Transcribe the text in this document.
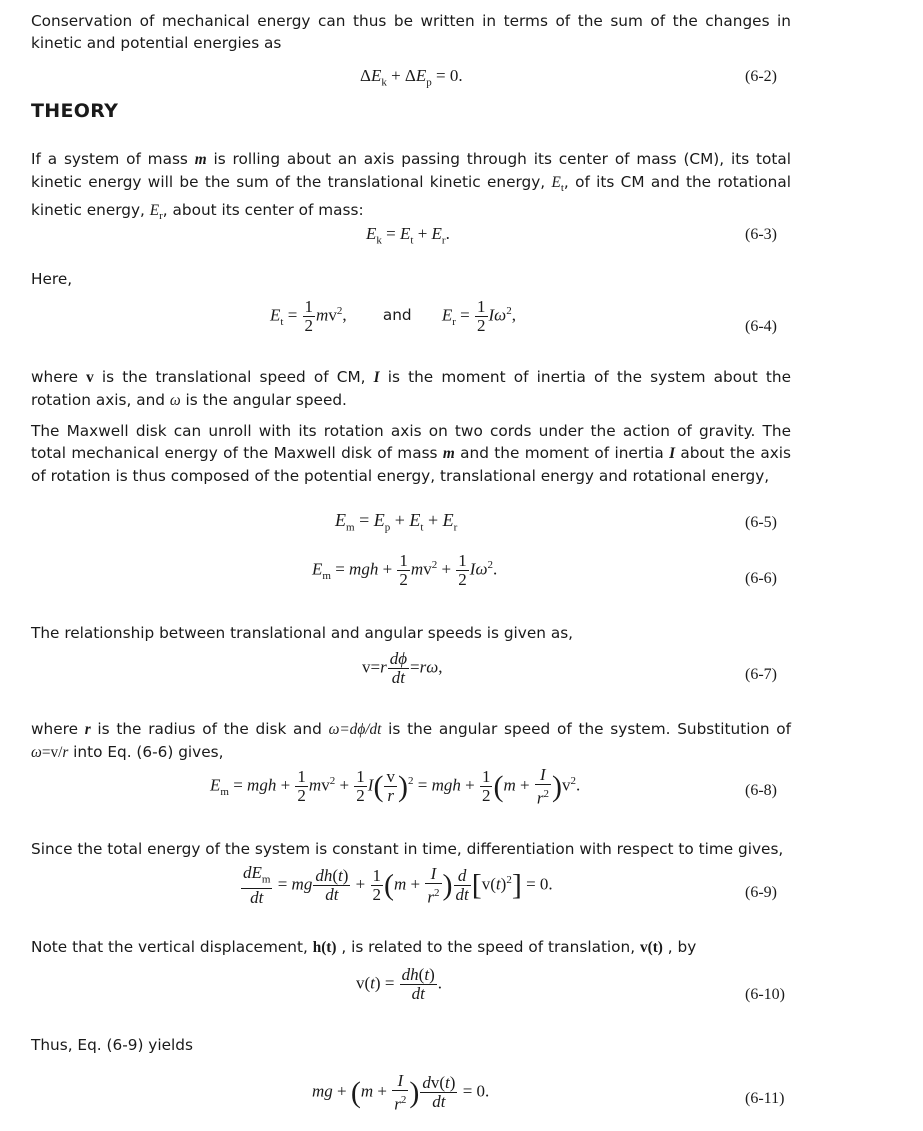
Conservation of mechanical energy can thus be written in terms of the sum of the changes in kinetic and potential energies as
$\Delta E_k + \Delta E_p = 0$.	(6-2)
THEORY
If a system of mass m is rolling about an axis passing through its center of mass (CM), its total kinetic energy will be the sum of the translational kinetic energy, $E_t$, of its CM and the rotational kinetic energy, $E_r$, about its center of mass:
$E_k = E_t + E_r$.	(6-3)
Here,
$E_t = \frac{1}{2} mv^2$, and $E_r = \frac{1}{2} I\omega^2$,
(6-4)
where v is the translational speed of CM, I is the moment of inertia of the system about the rotation axis, and ω is the angular speed.
The Maxwell disk can unroll with its rotation axis on two cords under the action of gravity. The total mechanical energy of the Maxwell disk of mass m and the moment of inertia I about the axis of rotation is thus composed of the potential energy, translational energy and rotational energy,
$E_m = E_p + E_t + E_r$	(6-5)
$E_m$ = mgh + $\frac{1}{2} mv^2 + \frac{1}{2} I\omega^2$.
(6-6)
The relationship between translational and angular speeds is given as,
$v=r \frac{d\phi}{dt} =r\omega$,	(6-7)
where r is the radius of the disk and ω=dϕ/dt is the angular speed of the system. Substitution of ω=v/r into Eq. (6-6) gives,
$E_m$ = mgh + $\frac{1}{2} mv^2 + \frac{1}{2} I( \frac{v}{r} )^2$ = mgh + $\frac{1}{2} (m + \frac{I}{r^2} )v^2$.	(6-8)
Since the total energy of the system is constant in time, differentiation with respect to time gives,
$dE_m$
dt
= mg $\frac{dh(t)}{dt} + \frac{1}{2} (m + \frac{I}{r^2}$ ) $\frac{d}{dt} [v(t)^2] = 0$.	(6-9)
Note that the vertical displacement, h(t) , is related to the speed of translation, v(t) , by
$v(t) = \frac{dh(t)}{dt}$ .
(6-10)
Thus, Eq. (6-9) yields
mg + ($m + \frac{I}{r^2}$ ) $\frac{dv(t)}{dt} = 0$.	(6-11)
